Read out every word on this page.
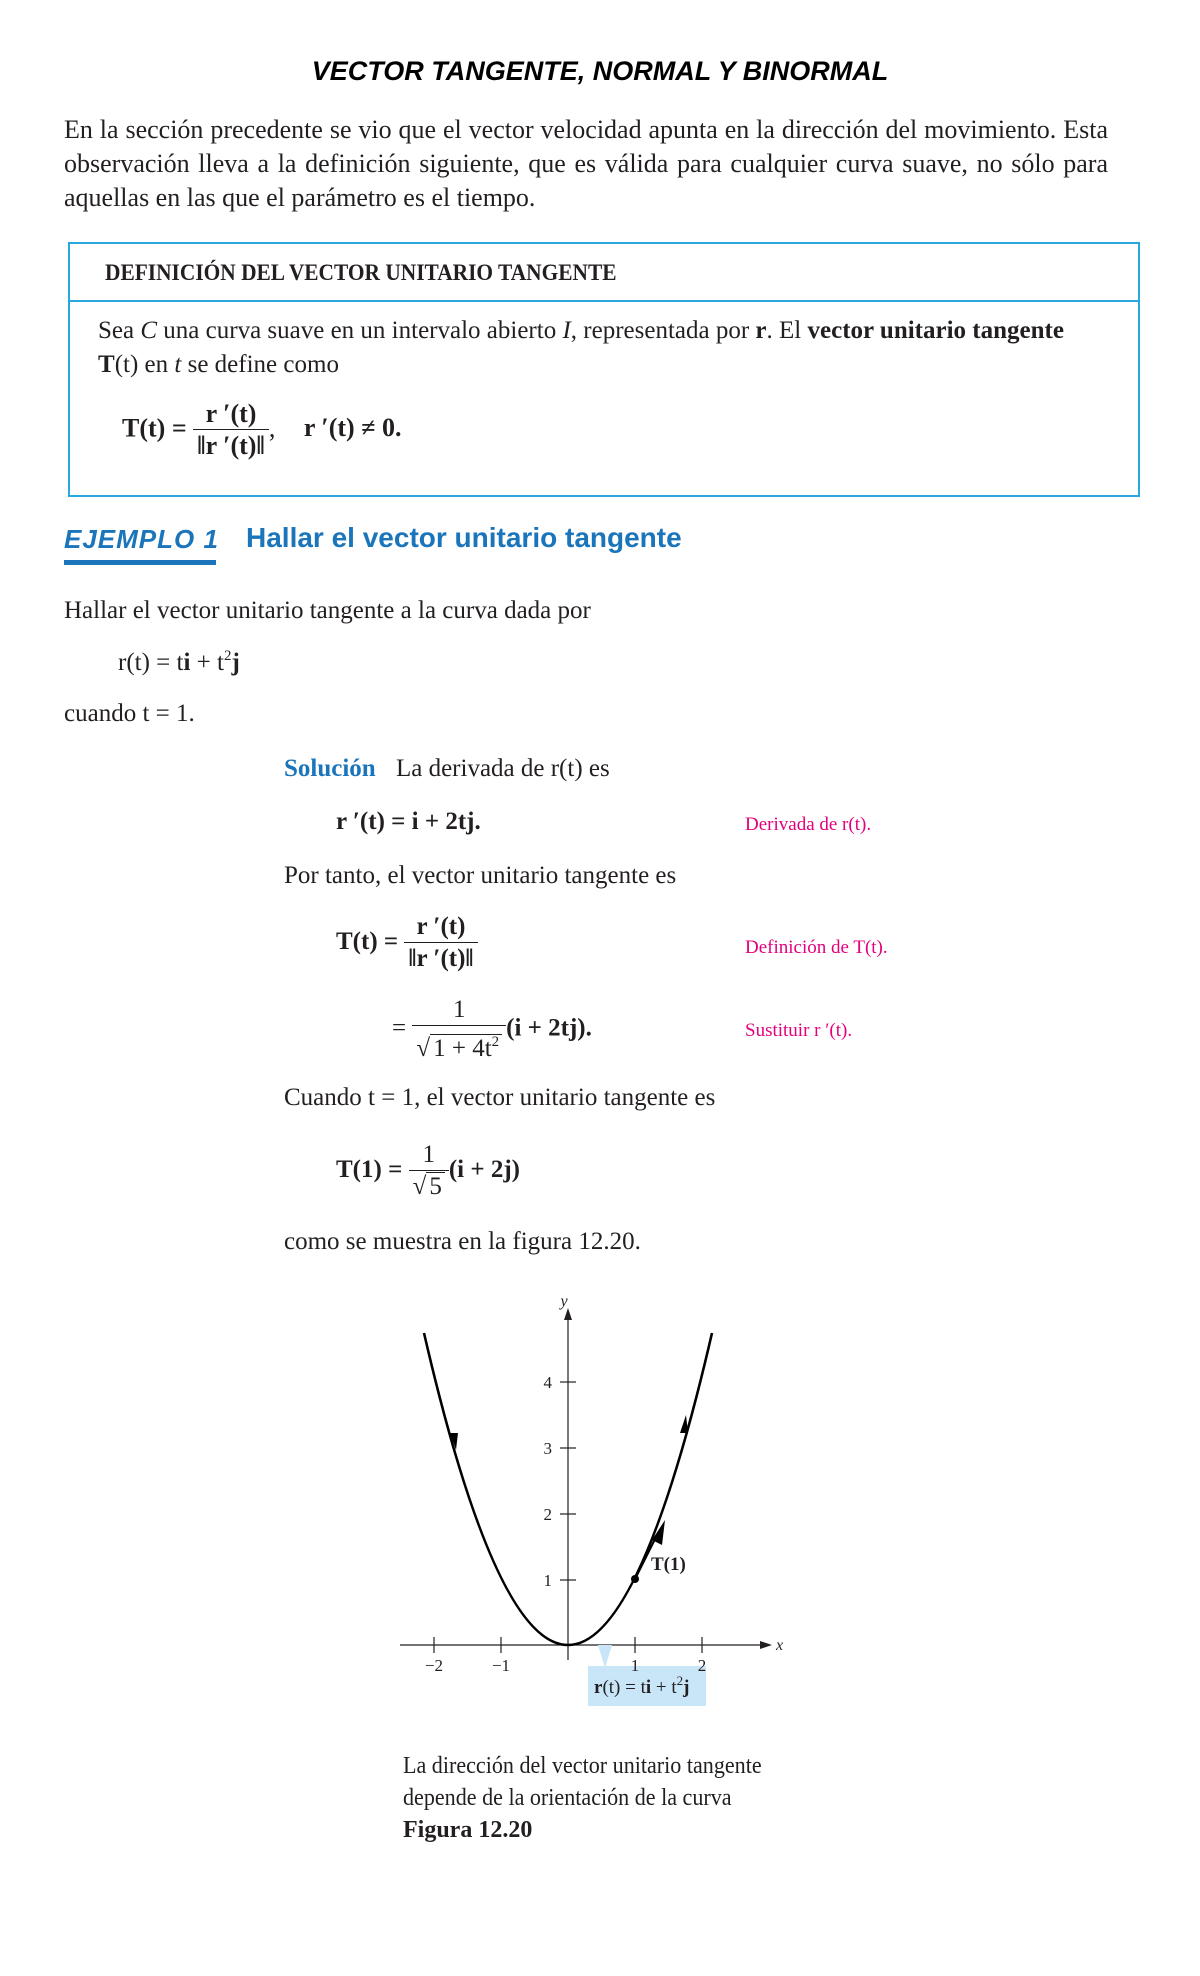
VECTOR TANGENTE, NORMAL Y BINORMAL
En la sección precedente se vio que el vector velocidad apunta en la dirección del movimiento. Esta observación lleva a la definición siguiente, que es válida para cualquier curva suave, no sólo para aquellas en las que el parámetro es el tiempo.
DEFINICIÓN DEL VECTOR UNITARIO TANGENTE
Sea C una curva suave en un intervalo abierto I, representada por r. El vector unitario tangente T(t) en t se define como
$T(t) = \frac{r '(t)}{‖r '(t)‖}$ , r ′(t) ≠ 0.
EJEMPLO 1 Hallar el vector unitario tangente
Hallar el vector unitario tangente a la curva dada por
r(t) = ti + $t^2j$
cuando t = 1.
Solución La derivada de r(t) es
r ′(t) = i + 2tj.	Derivada de r(t).
Por tanto, el vector unitario tangente es
$T(t) = \frac{r '(t)}{‖r '(t)‖}$	Definición de T(t).
= $\frac{1}{√ 1 + 4t^2} (i + 2tj)$.	Sustituir r ′(t).
Cuando t = 1, el vector unitario tangente es
$T(1) = \frac{1}{√ 5} (i + 2j)$
como se muestra en la figura 12.20.
y
x
−2	−1	1	2
1
2
3
4
T(1)
r(t) = ti + $t^2j$
La dirección del vector unitario tangente
depende de la orientación de la curva
Figura 12.20
